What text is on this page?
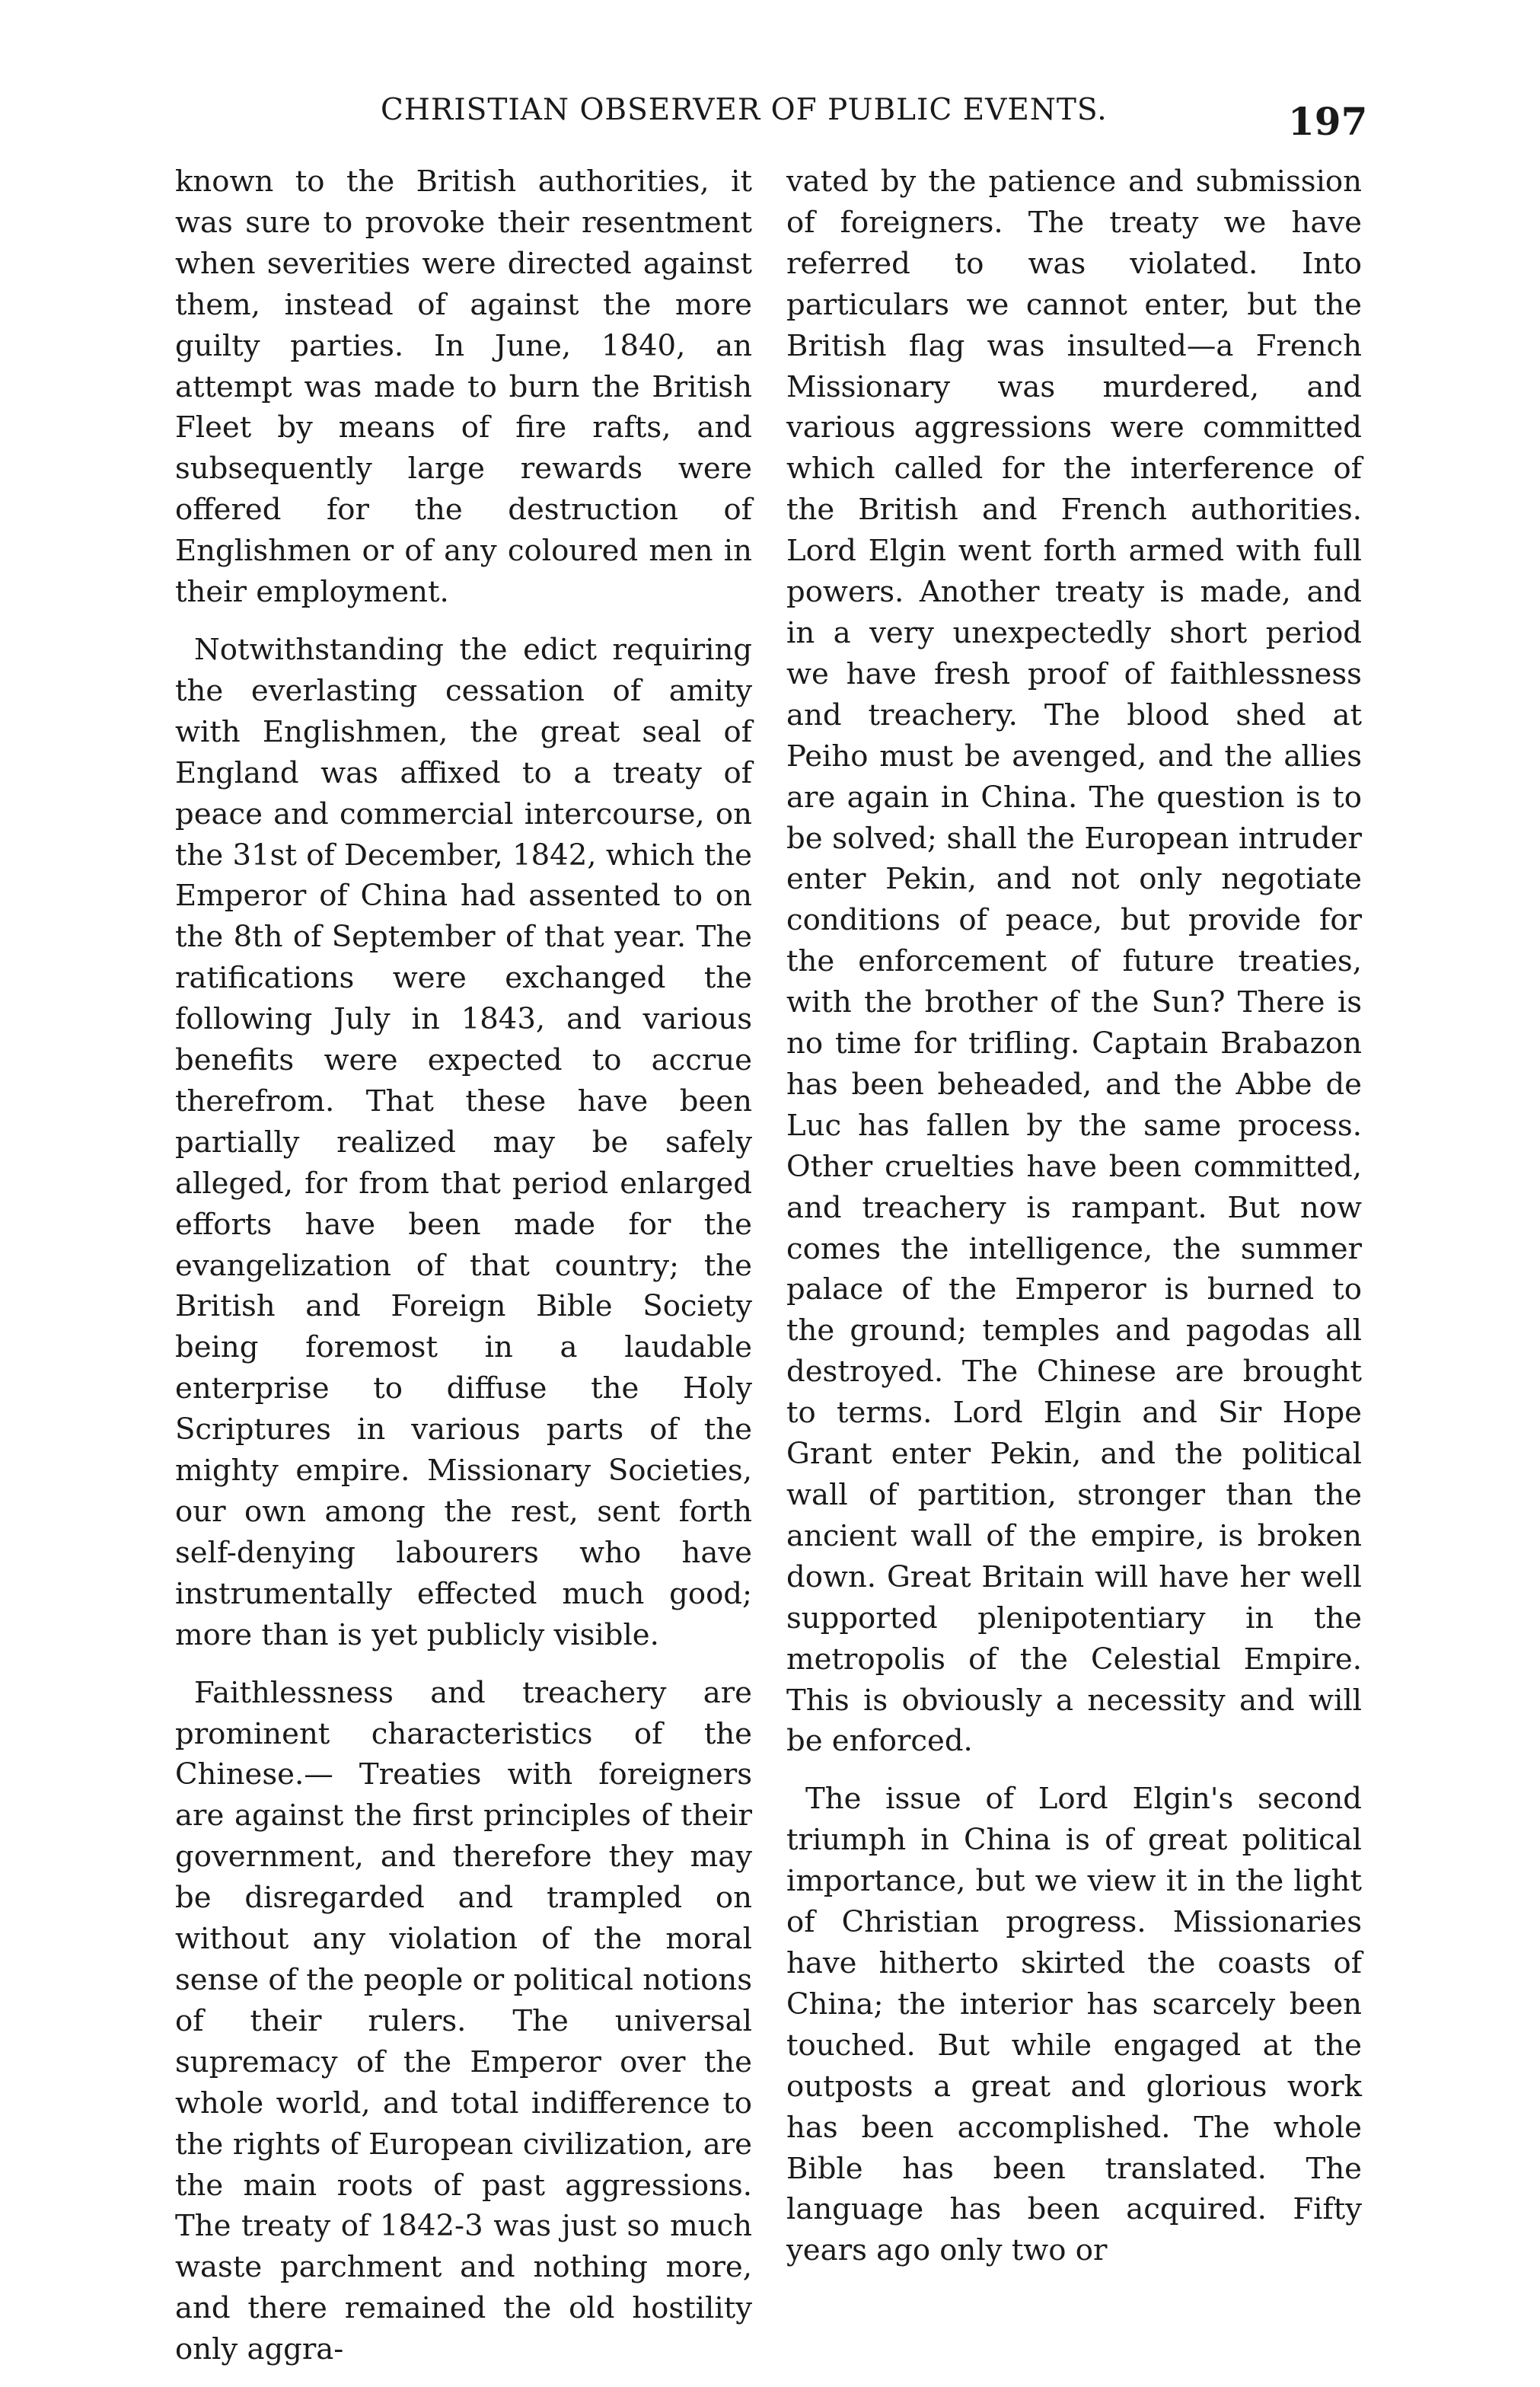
CHRISTIAN OBSERVER OF PUBLIC EVENTS.	197

known to the British authorities, it was sure to provoke their resentment when severities were directed against them, instead of against the more guilty parties. In June, 1840, an attempt was made to burn the British Fleet by means of fire rafts, and subsequently large rewards were offered for the destruction of Englishmen or of any coloured men in their employment.

Notwithstanding the edict requiring the everlasting cessation of amity with Englishmen, the great seal of England was affixed to a treaty of peace and commercial intercourse, on the 31st of December, 1842, which the Emperor of China had assented to on the 8th of September of that year. The ratifications were exchanged the following July in 1843, and various benefits were expected to accrue therefrom. That these have been partially realized may be safely alleged, for from that period enlarged efforts have been made for the evangelization of that country; the British and Foreign Bible Society being foremost in a laudable enterprise to diffuse the Holy Scriptures in various parts of the mighty empire. Missionary Societies, our own among the rest, sent forth self-denying labourers who have instrumentally effected much good; more than is yet publicly visible.

Faithlessness and treachery are prominent characteristics of the Chinese.— Treaties with foreigners are against the first principles of their government, and therefore they may be disregarded and trampled on without any violation of the moral sense of the people or political notions of their rulers. The universal supremacy of the Emperor over the whole world, and total indifference to the rights of European civilization, are the main roots of past aggressions. The treaty of 1842-3 was just so much waste parchment and nothing more, and there remained the old hostility only aggra-

vated by the patience and submission of foreigners. The treaty we have referred to was violated. Into particulars we cannot enter, but the British flag was insulted—a French Missionary was murdered, and various aggressions were committed which called for the interference of the British and French authorities. Lord Elgin went forth armed with full powers. Another treaty is made, and in a very unexpectedly short period we have fresh proof of faithlessness and treachery. The blood shed at Peiho must be avenged, and the allies are again in China. The question is to be solved; shall the European intruder enter Pekin, and not only negotiate conditions of peace, but provide for the enforcement of future treaties, with the brother of the Sun? There is no time for trifling. Captain Brabazon has been beheaded, and the Abbe de Luc has fallen by the same process. Other cruelties have been committed, and treachery is rampant. But now comes the intelligence, the summer palace of the Emperor is burned to the ground; temples and pagodas all destroyed. The Chinese are brought to terms. Lord Elgin and Sir Hope Grant enter Pekin, and the political wall of partition, stronger than the ancient wall of the empire, is broken down. Great Britain will have her well supported plenipotentiary in the metropolis of the Celestial Empire. This is obviously a necessity and will be enforced.

The issue of Lord Elgin's second triumph in China is of great political importance, but we view it in the light of Christian progress. Missionaries have hitherto skirted the coasts of China; the interior has scarcely been touched. But while engaged at the outposts a great and glorious work has been accomplished. The whole Bible has been translated. The language has been acquired. Fifty years ago only two or
